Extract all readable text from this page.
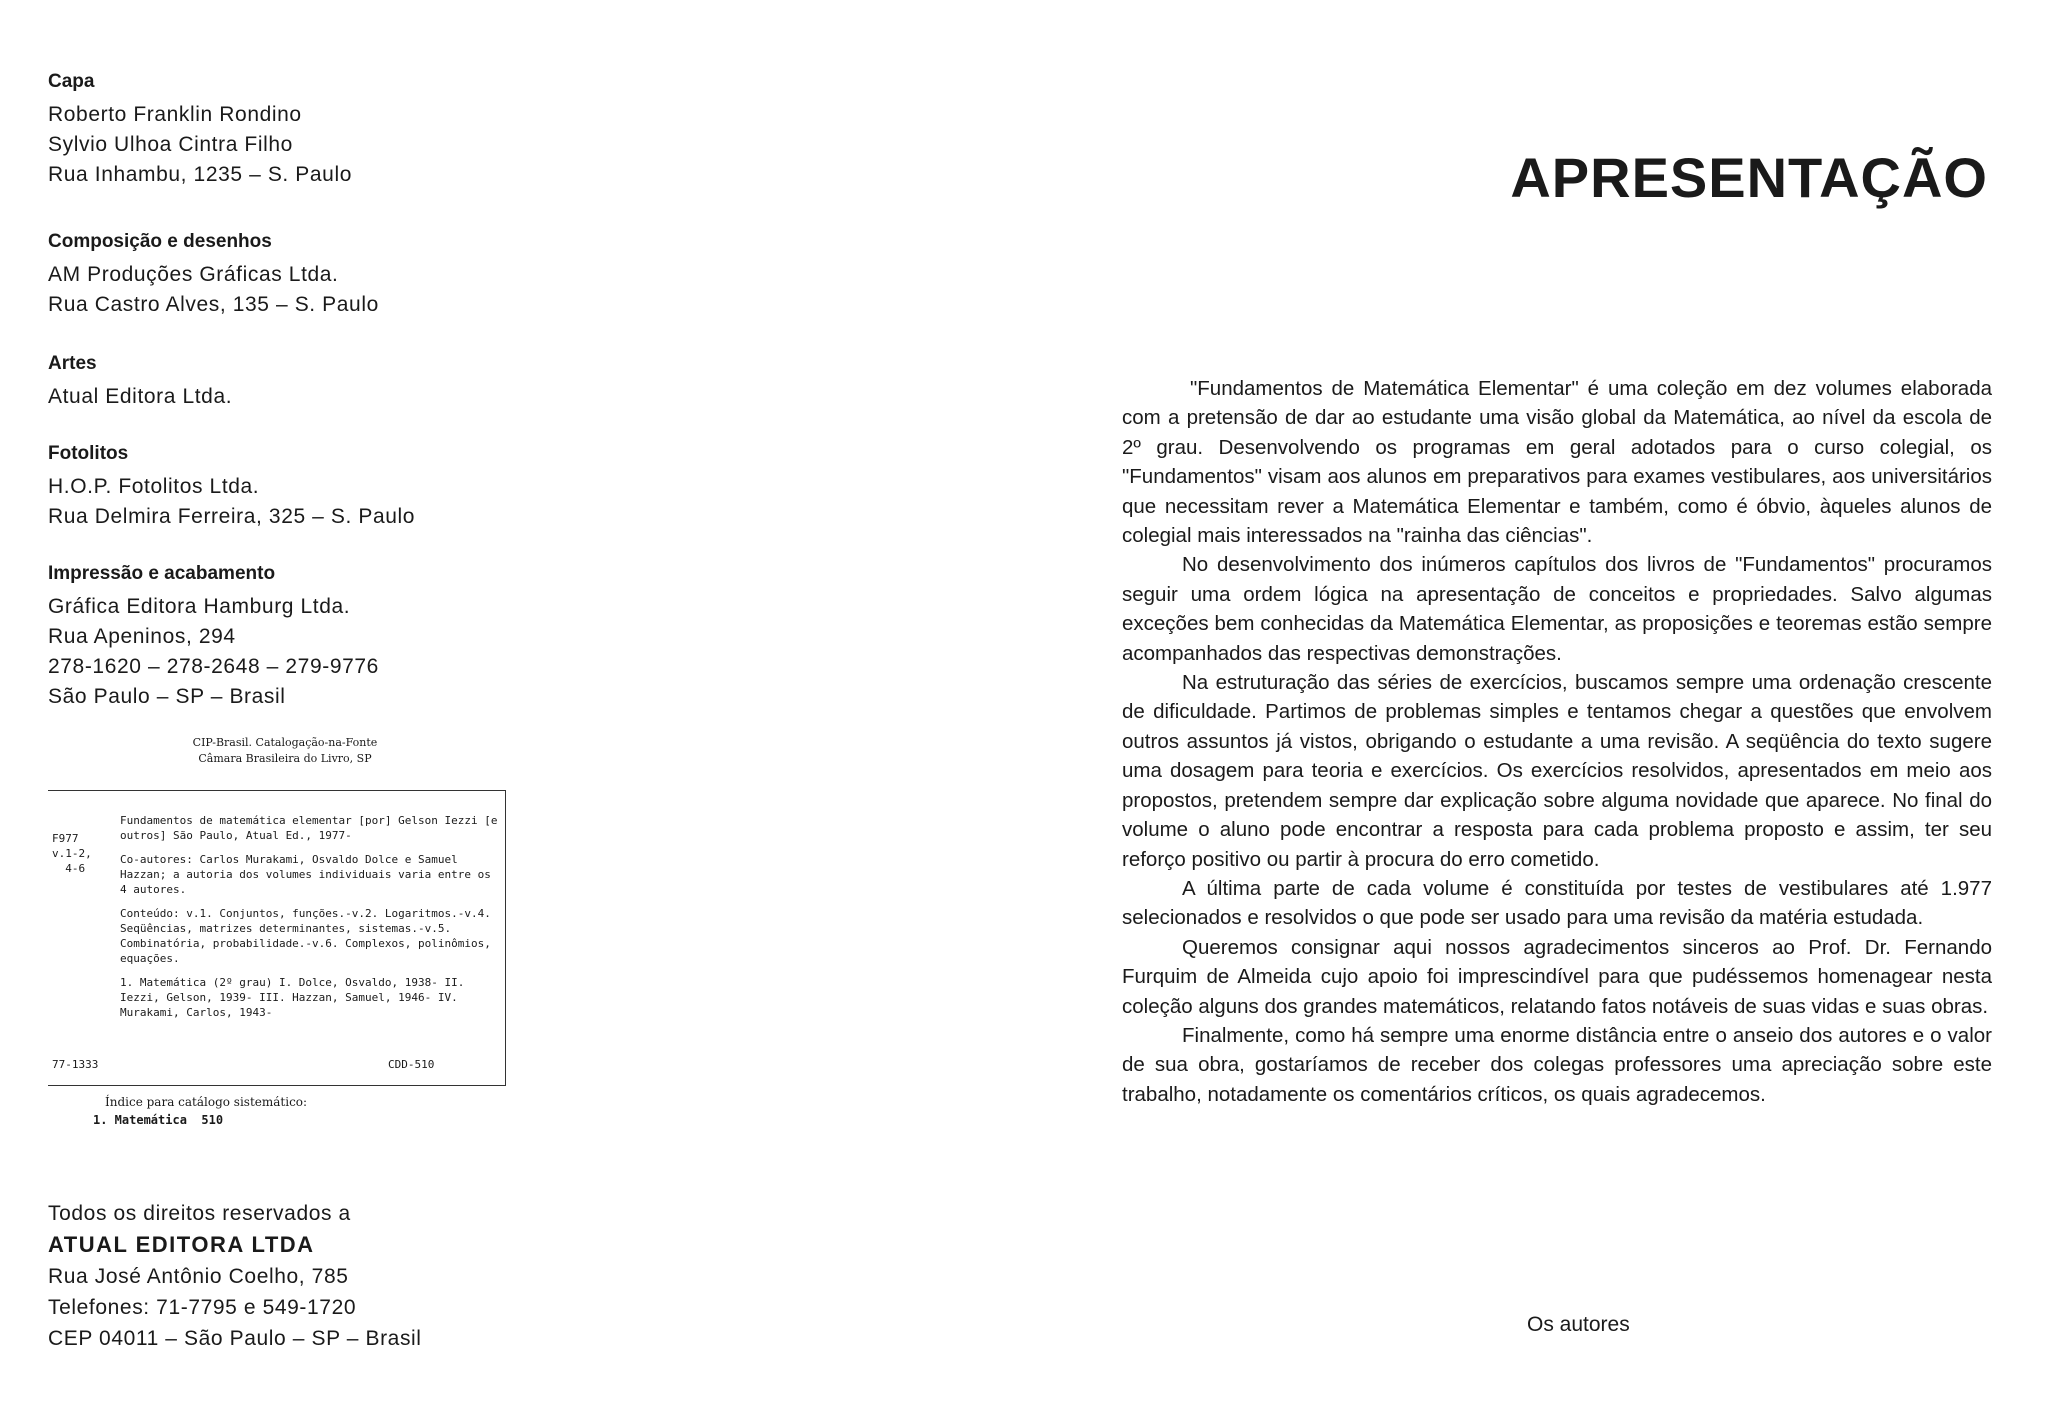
Capa
Roberto Franklin Rondino
Sylvio Ulhoa Cintra Filho
Rua Inhambu, 1235 – S. Paulo
Composição e desenhos
AM Produções Gráficas Ltda.
Rua Castro Alves, 135 – S. Paulo
Artes
Atual Editora Ltda.
Fotolitos
H.O.P. Fotolitos Ltda.
Rua Delmira Ferreira, 325 – S. Paulo
Impressão e acabamento
Gráfica Editora Hamburg Ltda.
Rua Apeninos, 294
278-1620 – 278-2648 – 279-9776
São Paulo – SP – Brasil
CIP-Brasil. Catalogação-na-Fonte
Câmara Brasileira do Livro, SP
F977
v.1-2,
4-6

Fundamentos de matemática elementar [por] Gelson Iezzi [e outros] São Paulo, Atual Ed., 1977-

Co-autores: Carlos Murakami, Osvaldo Dolce e Samuel Hazzan; a autoria dos volumes individuais varia entre os 4 autores.

Conteúdo: v.1. Conjuntos, funções.-v.2. Logaritmos.-v.4. Seqüências, matrizes determinantes, sistemas.-v.5. Combinatória, probabilidade.-v.6. Complexos, polinômios, equações.

1. Matemática (2º grau) I. Dolce, Osvaldo, 1938- II. Iezzi, Gelson, 1939- III. Hazzan, Samuel, 1946- IV. Murakami, Carlos, 1943-

77-1333	CDD-510
Índice para catálogo sistemático:
1. Matemática  510
Todos os direitos reservados a
ATUAL EDITORA LTDA
Rua José Antônio Coelho, 785
Telefones: 71-7795 e 549-1720
CEP 04011 – São Paulo – SP – Brasil
APRESENTAÇÃO

"Fundamentos de Matemática Elementar" é uma coleção em dez volumes elaborada com a pretensão de dar ao estudante uma visão global da Matemática, ao nível da escola de 2º grau. Desenvolvendo os programas em geral adotados para o curso colegial, os "Fundamentos" visam aos alunos em preparativos para exames vestibulares, aos universitários que necessitam rever a Matemática Elementar e também, como é óbvio, àqueles alunos de colegial mais interessados na "rainha das ciências".

No desenvolvimento dos inúmeros capítulos dos livros de "Fundamentos" procuramos seguir uma ordem lógica na apresentação de conceitos e propriedades. Salvo algumas exceções bem conhecidas da Matemática Elementar, as proposições e teoremas estão sempre acompanhados das respectivas demonstrações.

Na estruturação das séries de exercícios, buscamos sempre uma ordenação crescente de dificuldade. Partimos de problemas simples e tentamos chegar a questões que envolvem outros assuntos já vistos, obrigando o estudante a uma revisão. A seqüência do texto sugere uma dosagem para teoria e exercícios. Os exercícios resolvidos, apresentados em meio aos propostos, pretendem sempre dar explicação sobre alguma novidade que aparece. No final do volume o aluno pode encontrar a resposta para cada problema proposto e assim, ter seu reforço positivo ou partir à procura do erro cometido.

A última parte de cada volume é constituída por testes de vestibulares até 1.977 selecionados e resolvidos o que pode ser usado para uma revisão da matéria estudada.

Queremos consignar aqui nossos agradecimentos sinceros ao Prof. Dr. Fernando Furquim de Almeida cujo apoio foi imprescindível para que pudéssemos homenagear nesta coleção alguns dos grandes matemáticos, relatando fatos notáveis de suas vidas e suas obras.

Finalmente, como há sempre uma enorme distância entre o anseio dos autores e o valor de sua obra, gostaríamos de receber dos colegas professores uma apreciação sobre este trabalho, notadamente os comentários críticos, os quais agradecemos.

Os autores
